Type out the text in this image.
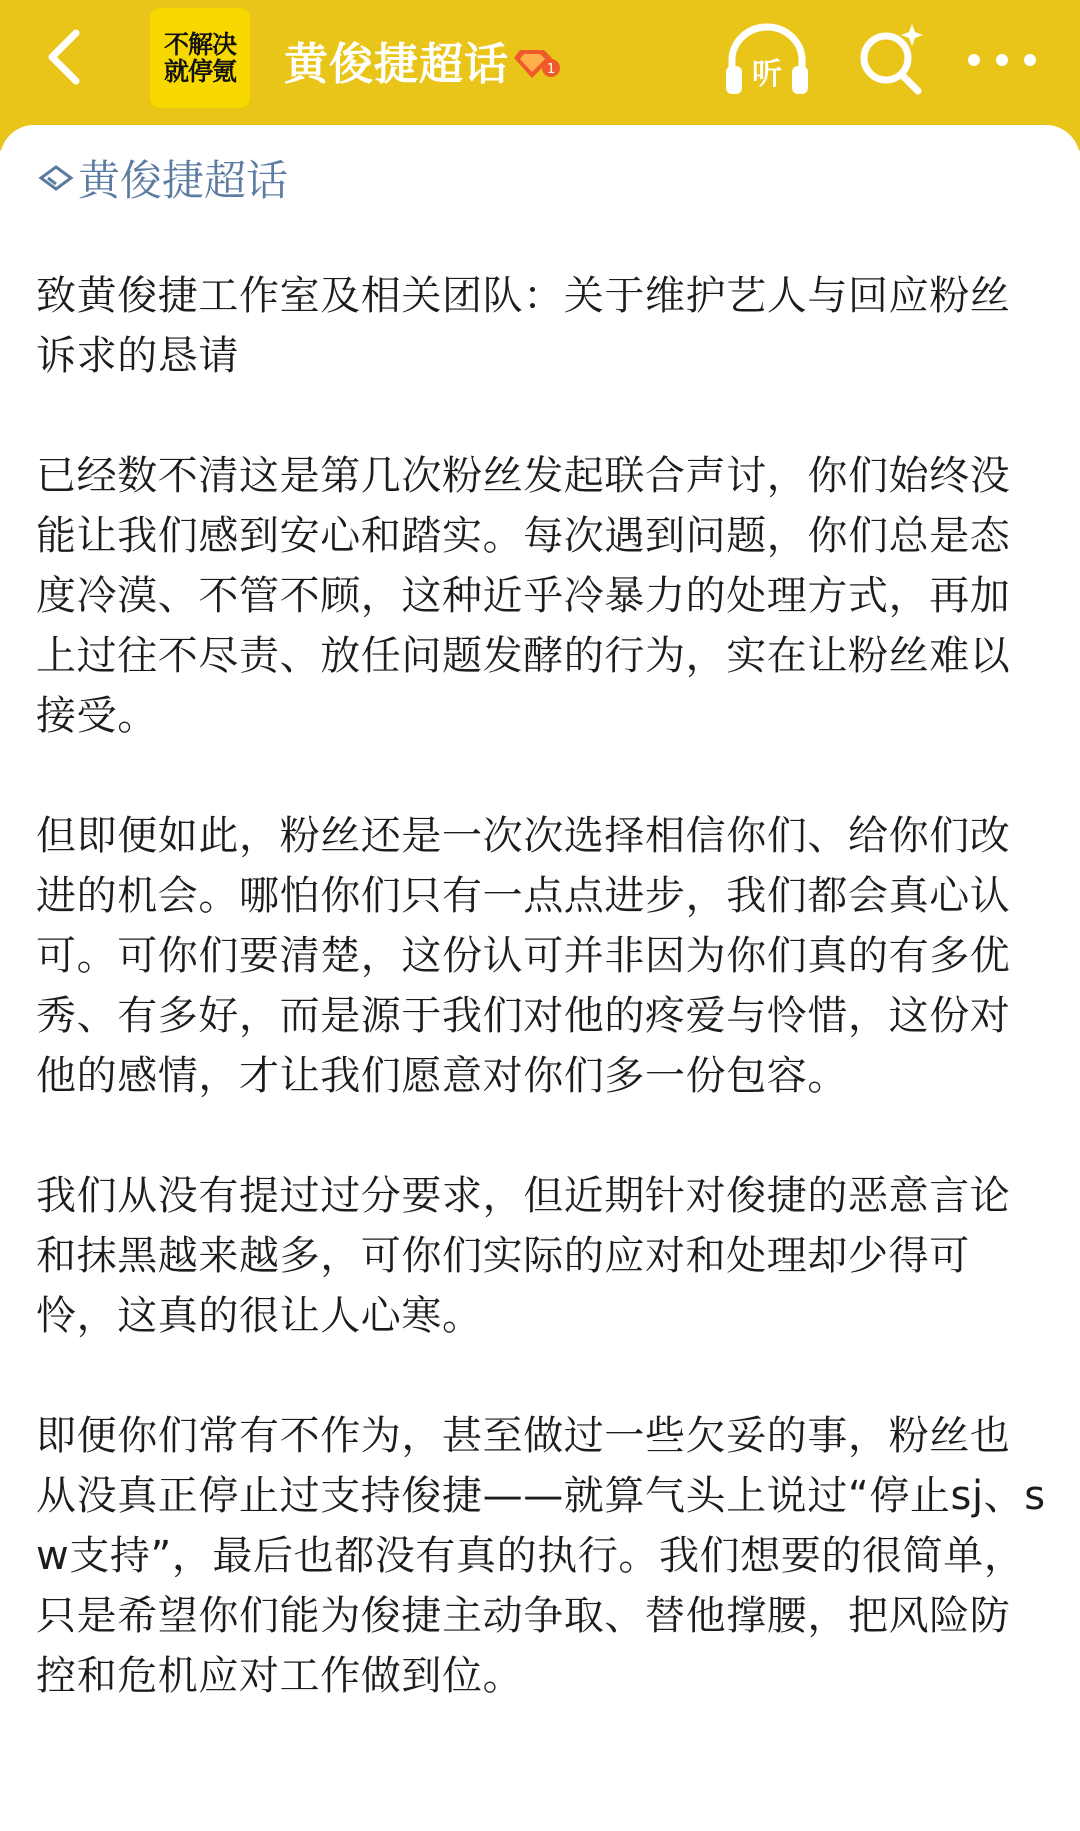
不解决
就停氪 黄俊捷超话	1	听
黄俊捷超话

致黄俊捷工作室及相关团队：关于维护艺人与回应粉丝诉求的恳请

已经数不清这是第几次粉丝发起联合声讨，你们始终没能让我们感到安心和踏实。每次遇到问题，你们总是态度冷漠、不管不顾，这种近乎冷暴力的处理方式，再加上过往不尽责、放任问题发酵的行为，实在让粉丝难以接受。

但即便如此，粉丝还是一次次选择相信你们、给你们改进的机会。哪怕你们只有一点点进步，我们都会真心认可。可你们要清楚，这份认可并非因为你们真的有多优秀、有多好，而是源于我们对他的疼爱与怜惜，这份对他的感情，才让我们愿意对你们多一份包容。

我们从没有提过过分要求，但近期针对俊捷的恶意言论和抹黑越来越多，可你们实际的应对和处理却少得可怜，这真的很让人心寒。

即便你们常有不作为，甚至做过一些欠妥的事，粉丝也从没真正停止过支持俊捷——就算气头上说过“停止sj、sw支持”，最后也都没有真的执行。我们想要的很简单，只是希望你们能为俊捷主动争取、替他撑腰，把风险防控和危机应对工作做到位。
